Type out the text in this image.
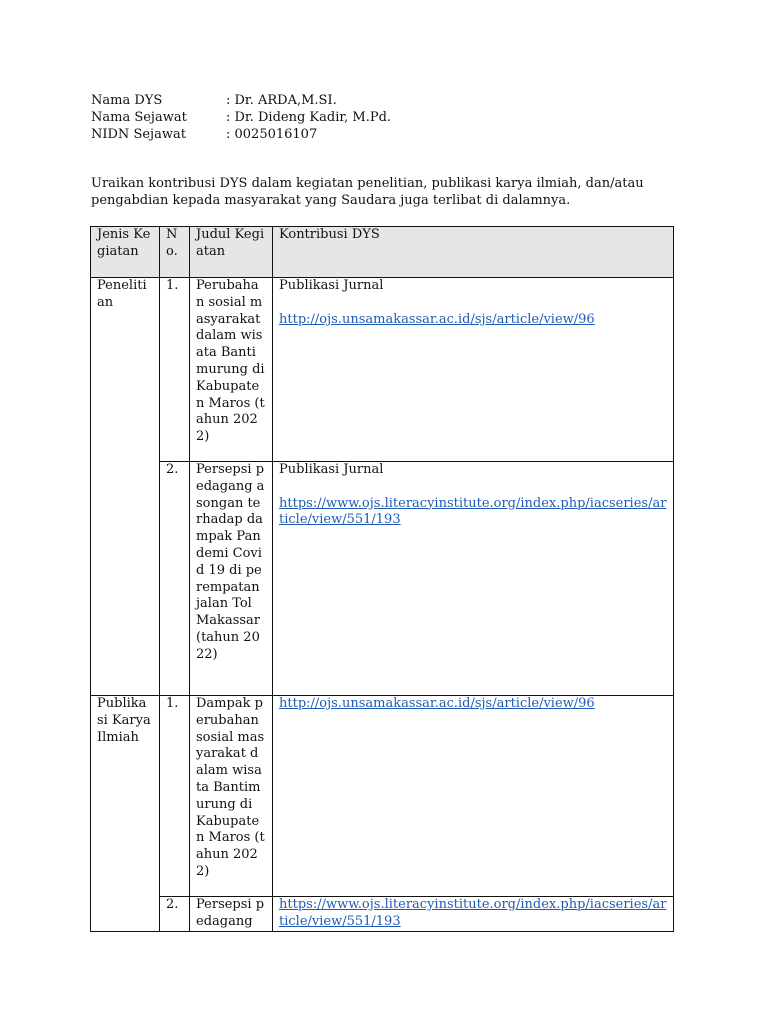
Nama DYS	: Dr. ARDA,M.SI.
Nama Sejawat	: Dr. Dideng Kadir, M.Pd.
NIDN Sejawat	: 0025016107
Uraikan kontribusi DYS dalam kegiatan penelitian, publikasi karya ilmiah, dan/atau pengabdian kepada masyarakat yang Saudara juga terlibat di dalamnya.
Jenis Kegiatan	No.	Judul Kegiatan	Kontribusi DYS
Penelitian	1.	Perubahan sosial masyarakat dalam wisata Bantimurung di Kabupaten Maros (tahun 2022)	Publikasi Jurnal
http://ojs.unsamakassar.ac.id/sjs/article/view/96

	2.	Persepsi pedagang asongan terhadap dampak Pandemi Covid 19 di perempatan jalan Tol Makassar (tahun 2022)	Publikasi Jurnal
https://www.ojs.literacyinstitute.org/index.php/iacseries/article/view/551/193

Publikasi Karya Ilmiah	1.	Dampak perubahan sosial masyarakat dalam wisata Bantimurung di Kabupaten Maros (tahun 2022)	http://ojs.unsamakassar.ac.id/sjs/article/view/96

	2.	Persepsi pedagang	https://www.ojs.literacyinstitute.org/index.php/iacseries/article/view/551/193
